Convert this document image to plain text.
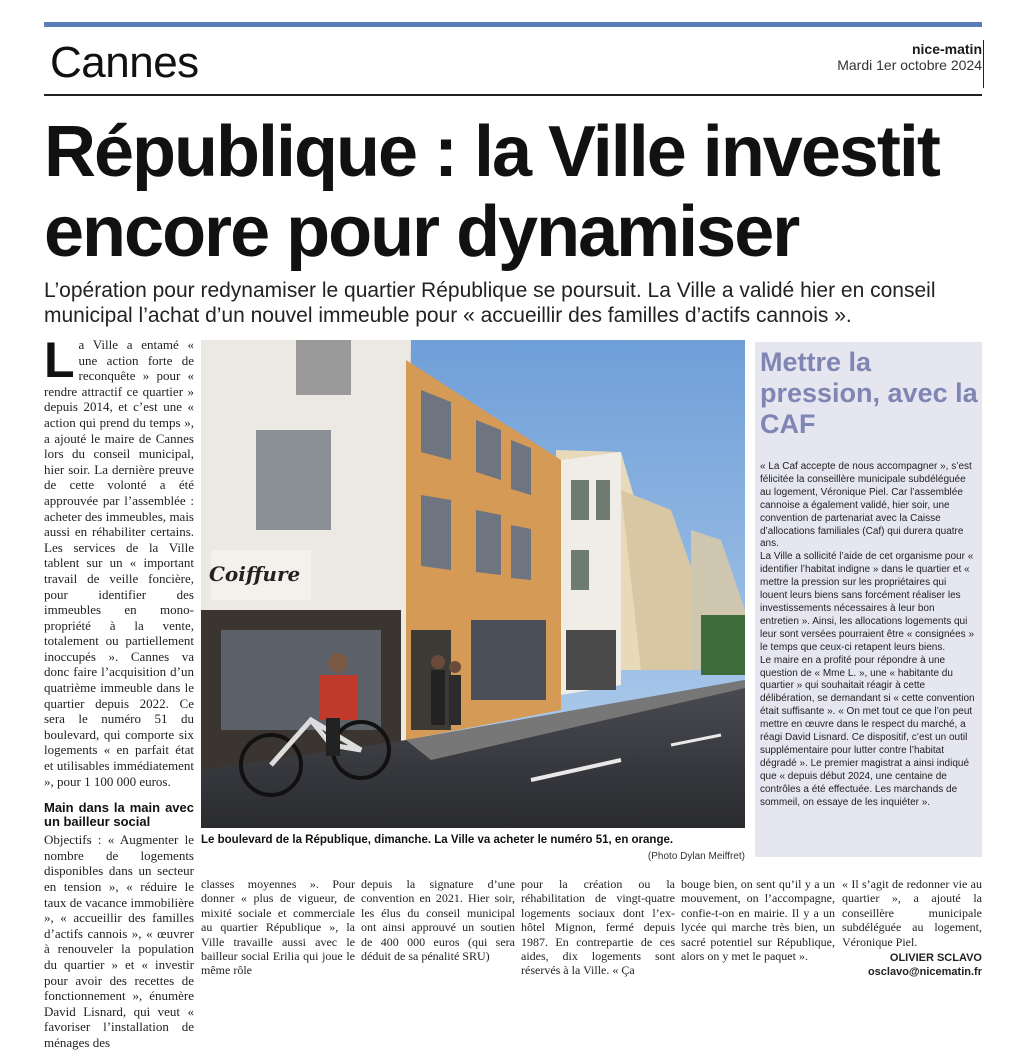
Cannes	nice-matin
Mardi 1er octobre 2024
République : la Ville investit encore pour dynamiser
L’opération pour redynamiser le quartier République se poursuit. La Ville a validé hier en conseil municipal l’achat d’un nouvel immeuble pour « accueillir des familles d’actifs cannois ».
L a Ville a entamé « une action forte de reconquête » pour « rendre attractif ce quartier » depuis 2014, et c’est une « action qui prend du temps », a ajouté le maire de Cannes lors du conseil municipal, hier soir. La dernière preuve de cette volonté a été approuvée par l’assemblée : acheter des immeubles, mais aussi en réhabiliter certains. Les services de la Ville tablent sur un « important travail de veille foncière, pour identifier des immeubles en mono-propriété à la vente, totalement ou partiellement inoccupés ». Cannes va donc faire l’acquisition d’un quatrième immeuble dans le quartier depuis 2022. Ce sera le numéro 51 du boulevard, qui comporte six logements « en parfait état et utilisables immédiatement », pour 1 100 000 euros.

Main dans la main avec un bailleur social

Objectifs : « Augmenter le nombre de logements disponibles dans un secteur en tension », « réduire le taux de vacance immobilière », « accueillir des familles d’actifs cannois », « œuvrer à renouveler la population du quartier » et « investir pour avoir des recettes de fonctionnement », énumère David Lisnard, qui veut « favoriser l’installation de ménages des

Coiffure
Le boulevard de la République, dimanche. La Ville va acheter le numéro 51, en orange.
(Photo Dylan Meiffret)
Mettre la pression, avec la CAF

« La Caf accepte de nous accompagner », s’est félicitée la conseillère municipale subdéléguée au logement, Véronique Piel. Car l’assemblée cannoise a également validé, hier soir, une convention de partenariat avec la Caisse d’allocations familiales (Caf) qui durera quatre ans.

La Ville a sollicité l’aide de cet organisme pour « identifier l’habitat indigne » dans le quartier et « mettre la pression sur les propriétaires qui louent leurs biens sans forcément réaliser les investissements nécessaires à leur bon entretien ». Ainsi, les allocations logements qui leur sont versées pourraient être « consignées » le temps que ceux-ci retapent leurs biens.

Le maire en a profité pour répondre à une question de « Mme L. », une « habitante du quartier » qui souhaitait réagir à cette délibération, se demandant si « cette convention était suffisante ». « On met tout ce que l’on peut mettre en œuvre dans le respect du marché, a réagi David Lisnard. Ce dispositif, c’est un outil supplémentaire pour lutter contre l’habitat dégradé ». Le premier magistrat a ainsi indiqué que « depuis début 2024, une centaine de contrôles a été effectuée. Les marchands de sommeil, on essaye de les inquiéter ».

classes moyennes ». Pour donner « plus de vigueur, de mixité sociale et commerciale au quartier République », la Ville travaille aussi avec le bailleur social Erilia qui joue le même rôle
depuis la signature d’une convention en 2021. Hier soir, les élus du conseil municipal ont ainsi approuvé un soutien de 400 000 euros (qui sera déduit de sa pénalité SRU)
pour la création ou la réhabilitation de vingt-quatre logements sociaux dont l’ex-hôtel Mignon, fermé depuis 1987. En contrepartie de ces aides, dix logements sont réservés à la Ville. « Ça
bouge bien, on sent qu’il y a un mouvement, on l’accompagne, confie-t-on en mairie. Il y a un lycée qui marche très bien, un sacré potentiel sur République, alors on y met le paquet ».
« Il s’agit de redonner vie au quartier », a ajouté la conseillère municipale subdéléguée au logement, Véronique Piel.
OLIVIER SCLAVO
osclavo@nicematin.fr
